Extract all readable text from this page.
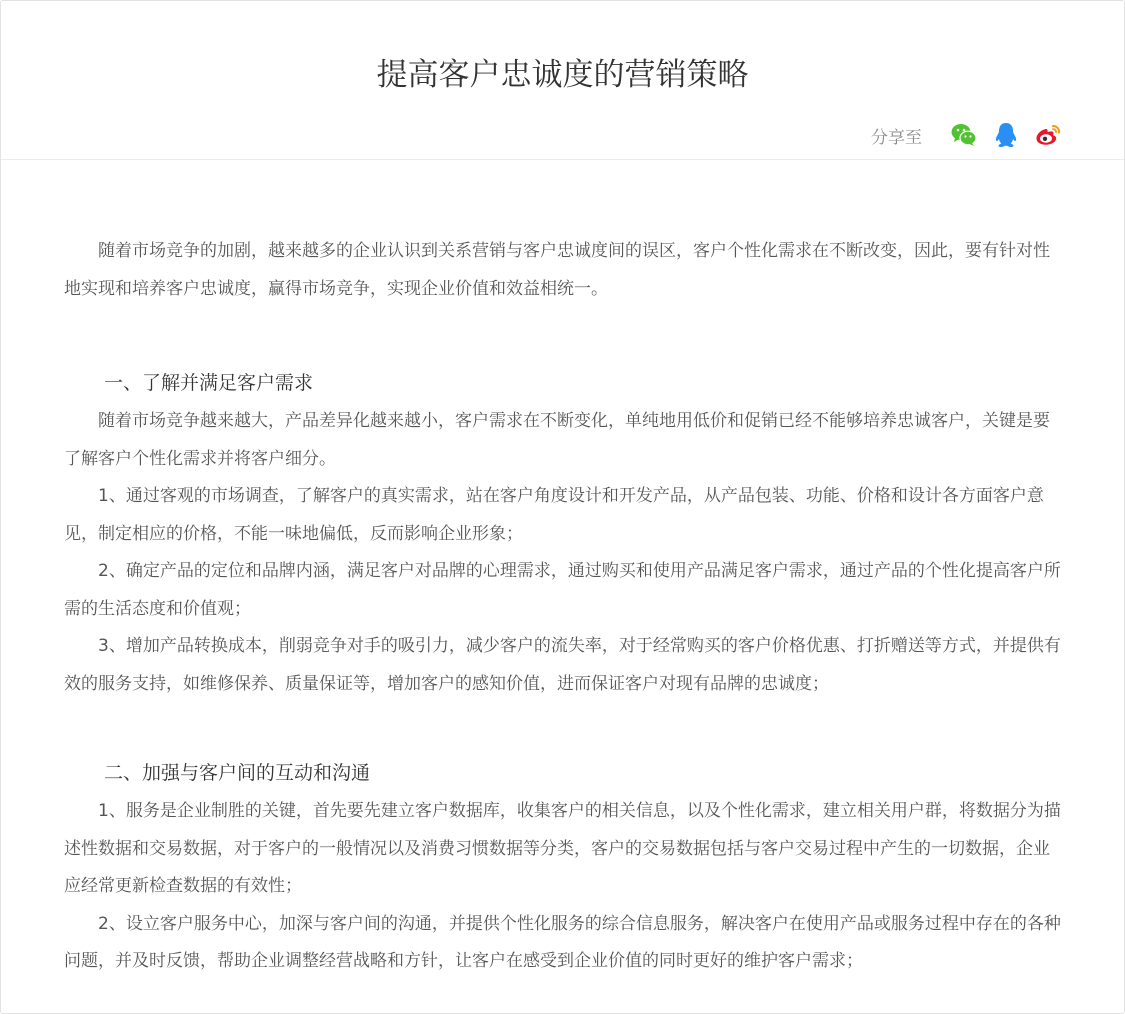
提高客户忠诚度的营销策略
分享至

随着市场竞争的加剧，越来越多的企业认识到关系营销与客户忠诚度间的误区，客户个性化需求在不断改变，因此，要有针对性地实现和培养客户忠诚度，赢得市场竞争，实现企业价值和效益相统一。

一、了解并满足客户需求

随着市场竞争越来越大，产品差异化越来越小，客户需求在不断变化，单纯地用低价和促销已经不能够培养忠诚客户，关键是要了解客户个性化需求并将客户细分。

1、通过客观的市场调查，了解客户的真实需求，站在客户角度设计和开发产品，从产品包装、功能、价格和设计各方面客户意见，制定相应的价格，不能一味地偏低，反而影响企业形象；

2、确定产品的定位和品牌内涵，满足客户对品牌的心理需求，通过购买和使用产品满足客户需求，通过产品的个性化提高客户所需的生活态度和价值观；

3、增加产品转换成本，削弱竞争对手的吸引力，减少客户的流失率，对于经常购买的客户价格优惠、打折赠送等方式，并提供有效的服务支持，如维修保养、质量保证等，增加客户的感知价值，进而保证客户对现有品牌的忠诚度；

二、加强与客户间的互动和沟通

1、服务是企业制胜的关键，首先要先建立客户数据库，收集客户的相关信息，以及个性化需求，建立相关用户群，将数据分为描述性数据和交易数据，对于客户的一般情况以及消费习惯数据等分类，客户的交易数据包括与客户交易过程中产生的一切数据，企业应经常更新检查数据的有效性；

2、设立客户服务中心，加深与客户间的沟通，并提供个性化服务的综合信息服务，解决客户在使用产品或服务过程中存在的各种问题，并及时反馈，帮助企业调整经营战略和方针，让客户在感受到企业价值的同时更好的维护客户需求；
